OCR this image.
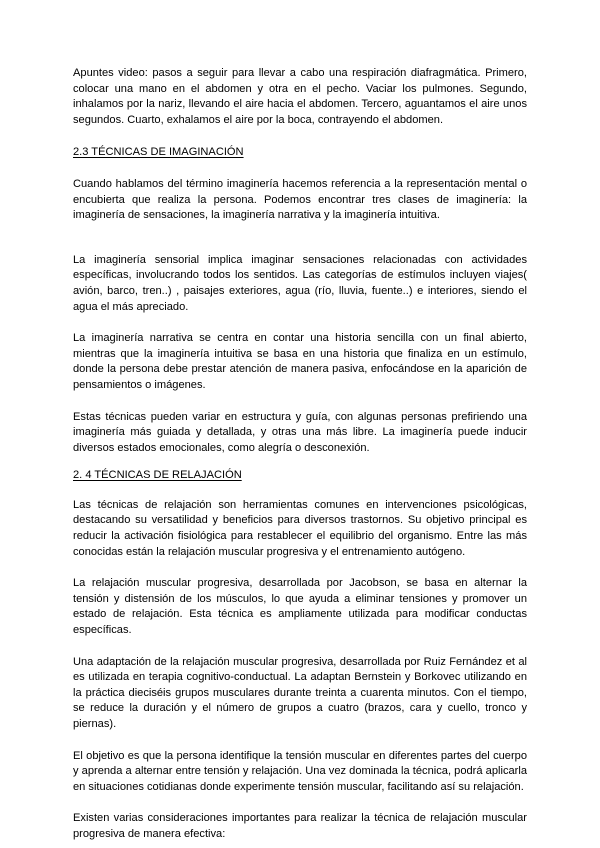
Apuntes video: pasos a seguir para llevar a cabo una respiración diafragmática. Primero, colocar una mano en el abdomen y otra en el pecho. Vaciar los pulmones. Segundo, inhalamos por la nariz, llevando el aire hacia el abdomen. Tercero, aguantamos el aire unos segundos. Cuarto, exhalamos el aire por la boca, contrayendo el abdomen.

2.3 TÉCNICAS DE IMAGINACIÓN

Cuando hablamos del término imaginería hacemos referencia a la representación mental o encubierta que realiza la persona. Podemos encontrar tres clases de imaginería: la imaginería de sensaciones, la imaginería narrativa y la imaginería intuitiva.

La imaginería sensorial implica imaginar sensaciones relacionadas con actividades específicas, involucrando todos los sentidos. Las categorías de estímulos incluyen viajes( avión, barco, tren..) , paisajes exteriores, agua (río, lluvia, fuente..) e interiores, siendo el agua el más apreciado.

La imaginería narrativa se centra en contar una historia sencilla con un final abierto, mientras que la imaginería intuitiva se basa en una historia que finaliza en un estímulo, donde la persona debe prestar atención de manera pasiva, enfocándose en la aparición de pensamientos o imágenes.

Estas técnicas pueden variar en estructura y guía, con algunas personas prefiriendo una imaginería más guiada y detallada, y otras una más libre. La imaginería puede inducir diversos estados emocionales, como alegría o desconexión.

2. 4 TÉCNICAS DE RELAJACIÓN

Las técnicas de relajación son herramientas comunes en intervenciones psicológicas, destacando su versatilidad y beneficios para diversos trastornos. Su objetivo principal es reducir la activación fisiológica para restablecer el equilibrio del organismo. Entre las más conocidas están la relajación muscular progresiva y el entrenamiento autógeno.

La relajación muscular progresiva, desarrollada por Jacobson, se basa en alternar la tensión y distensión de los músculos, lo que ayuda a eliminar tensiones y promover un estado de relajación. Esta técnica es ampliamente utilizada para modificar conductas específicas.

Una adaptación de la relajación muscular progresiva, desarrollada por Ruiz Fernández et al es utilizada en terapia cognitivo-conductual. La adaptan Bernstein y Borkovec utilizando en la práctica dieciséis grupos musculares durante treinta a cuarenta minutos. Con el tiempo, se reduce la duración y el número de grupos a cuatro (brazos, cara y cuello, tronco y piernas).

El objetivo es que la persona identifique la tensión muscular en diferentes partes del cuerpo y aprenda a alternar entre tensión y relajación. Una vez dominada la técnica, podrá aplicarla en situaciones cotidianas donde experimente tensión muscular, facilitando así su relajación.

Existen varias consideraciones importantes para realizar la técnica de relajación muscular progresiva de manera efectiva:
